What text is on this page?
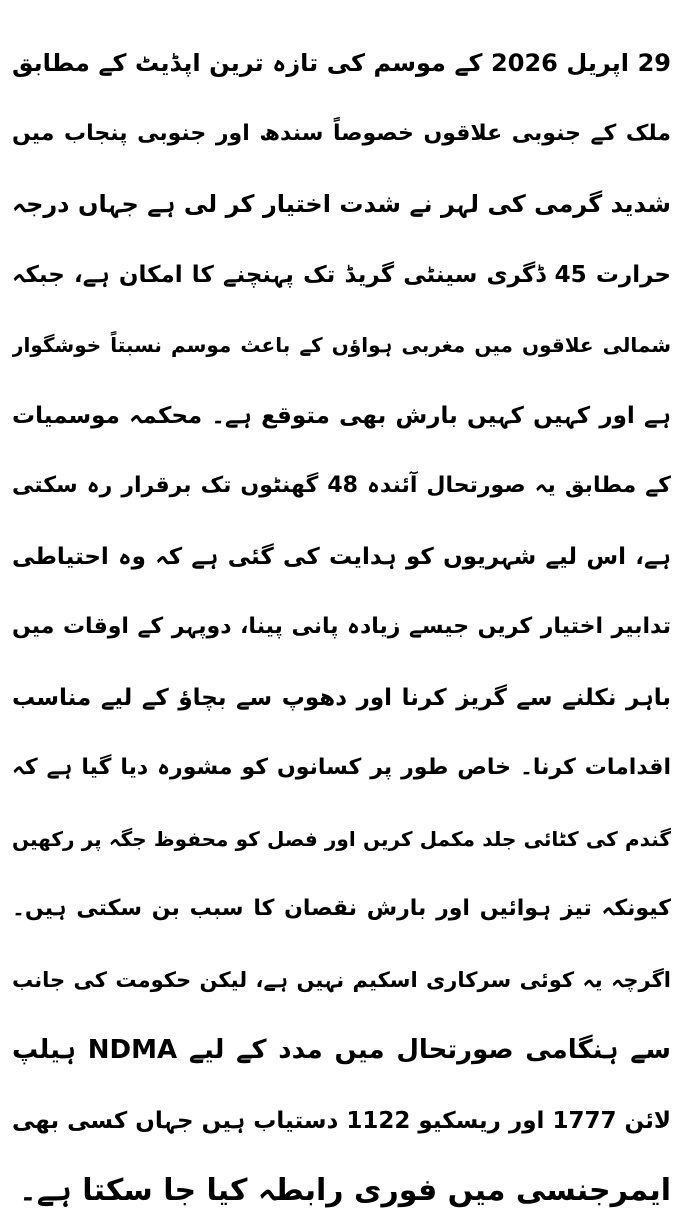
29 اپریل 2026 کے موسم کی تازہ ترین اپڈیٹ کے مطابق
ملک کے جنوبی علاقوں خصوصاً سندھ اور جنوبی پنجاب میں
شدید گرمی کی لہر نے شدت اختیار کر لی ہے جہاں درجہ
حرارت 45 ڈگری سینٹی گریڈ تک پہنچنے کا امکان ہے، جبکہ
شمالی علاقوں میں مغربی ہواؤں کے باعث موسم نسبتاً خوشگوار
ہے اور کہیں کہیں بارش بھی متوقع ہے۔ محکمہ موسمیات
کے مطابق یہ صورتحال آئندہ 48 گھنٹوں تک برقرار رہ سکتی
ہے، اس لیے شہریوں کو ہدایت کی گئی ہے کہ وہ احتیاطی
تدابیر اختیار کریں جیسے زیادہ پانی پینا، دوپہر کے اوقات میں
باہر نکلنے سے گریز کرنا اور دھوپ سے بچاؤ کے لیے مناسب
اقدامات کرنا۔ خاص طور پر کسانوں کو مشورہ دیا گیا ہے کہ
گندم کی کٹائی جلد مکمل کریں اور فصل کو محفوظ جگہ پر رکھیں
کیونکہ تیز ہوائیں اور بارش نقصان کا سبب بن سکتی ہیں۔
اگرچہ یہ کوئی سرکاری اسکیم نہیں ہے، لیکن حکومت کی جانب
سے ہنگامی صورتحال میں مدد کے لیے NDMA ہیلپ
لائن 1777 اور ریسکیو 1122 دستیاب ہیں جہاں کسی بھی
ایمرجنسی میں فوری رابطہ کیا جا سکتا ہے۔
